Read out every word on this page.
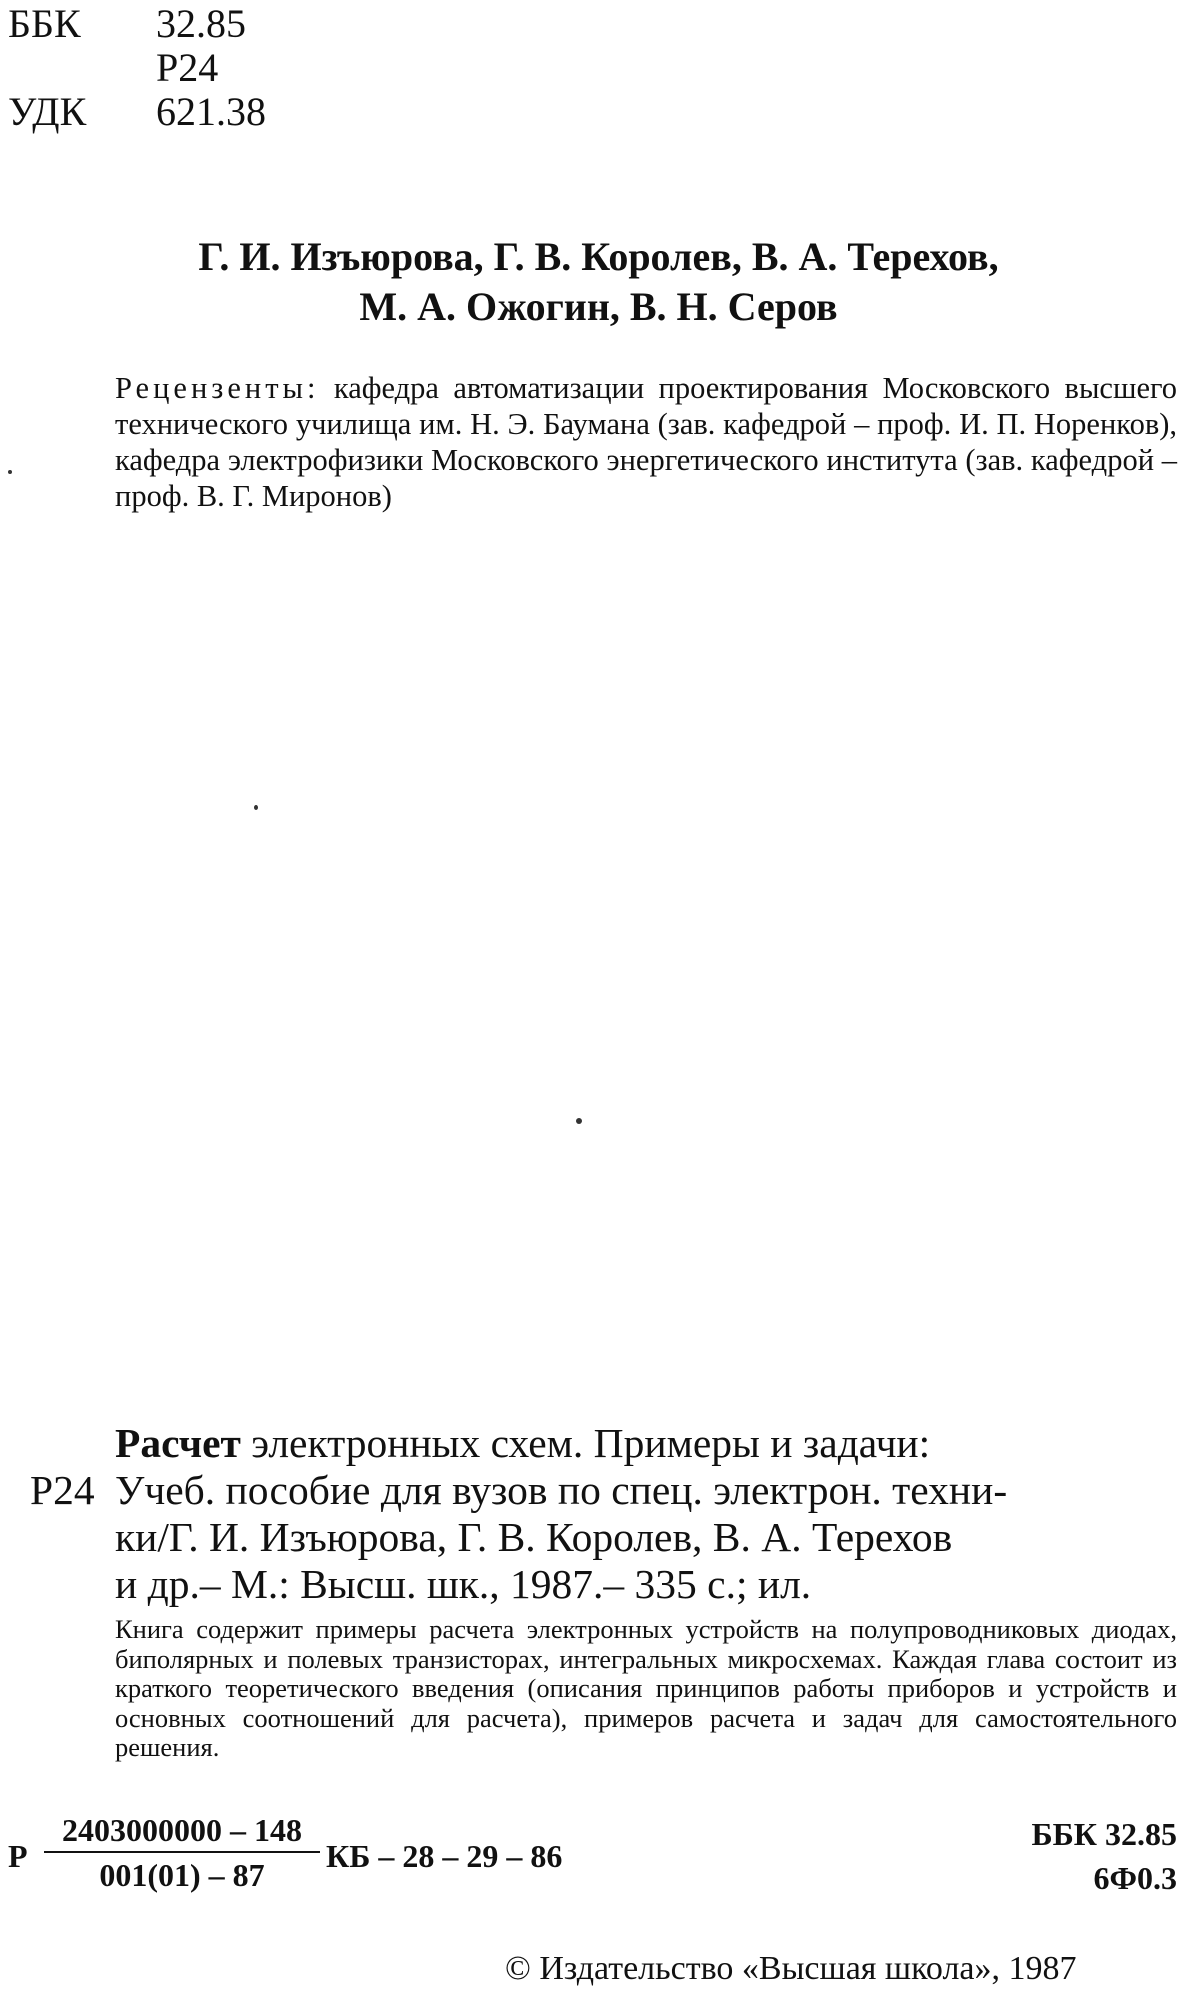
ББК	32.85
Р24
УДК	621.38
Г. И. Изъюрова, Г. В. Королев, В. А. Терехов,
М. А. Ожогин, В. Н. Серов
Рецензенты: кафедра автоматизации проектирования Московского высшего технического училища им. Н. Э. Баумана (зав. кафедрой – проф. И. П. Норенков), кафедра электрофизики Московского энергетического института (зав. кафедрой – проф. В. Г. Миронов)
Р24
Расчет электронных схем. Примеры и задачи:
Учеб. пособие для вузов по спец. электрон. техни-
ки/Г. И. Изъюрова, Г. В. Королев, В. А. Терехов
и др.– М.: Высш. шк., 1987.– 335 с.; ил.
Книга содержит примеры расчета электронных устройств на полупроводниковых диодах, биполярных и полевых транзисторах, интегральных микросхемах. Каждая глава состоит из краткого теоретического введения (описания принципов работы приборов и устройств и основных соотношений для расчета), примеров расчета и задач для самостоятельного решения.
Р $\frac{2403000000 - 148}{001(01) - 87}$ КБ – 28 – 29 – 86
ББК 32.85
6Ф0.3
© Издательство «Высшая школа», 1987
